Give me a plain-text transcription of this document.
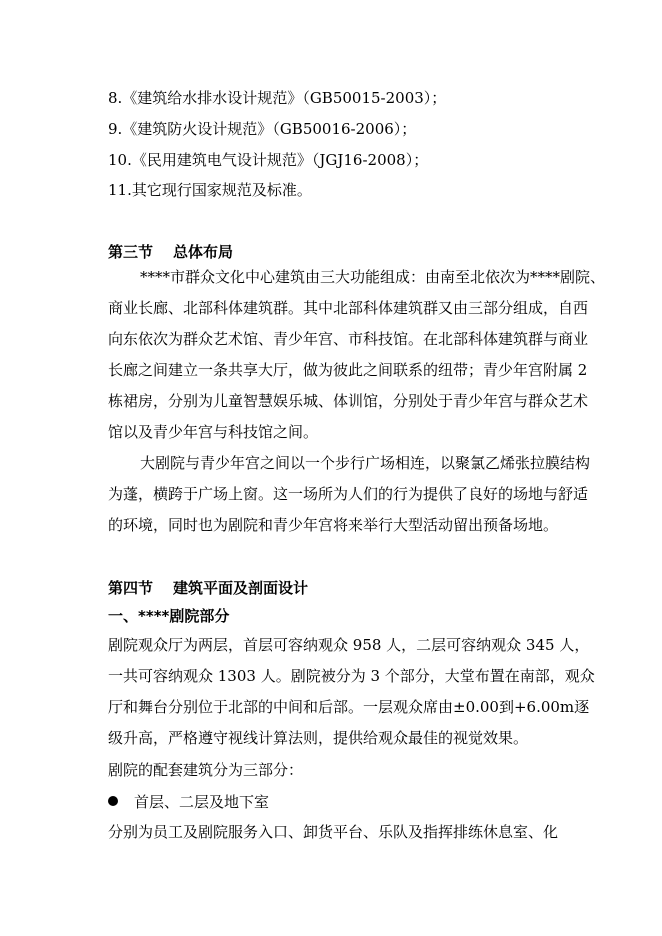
8.《建筑给水排水设计规范》（GB50015-2003）；
9.《建筑防火设计规范》（GB50016-2006）；
10.《民用建筑电气设计规范》（JGJ16-2008）；
11.其它现行国家规范及标准。
第三节 总体布局
****市群众文化中心建筑由三大功能组成：由南至北依次为****剧院、
商业长廊、北部科体建筑群。其中北部科体建筑群又由三部分组成，自西
向东依次为群众艺术馆、青少年宫、市科技馆。在北部科体建筑群与商业
长廊之间建立一条共享大厅，做为彼此之间联系的纽带；青少年宫附属 2
栋裙房，分别为儿童智慧娱乐城、体训馆，分别处于青少年宫与群众艺术
馆以及青少年宫与科技馆之间。
大剧院与青少年宫之间以一个步行广场相连，以聚氯乙烯张拉膜结构
为蓬，横跨于广场上窗。这一场所为人们的行为提供了良好的场地与舒适
的环境，同时也为剧院和青少年宫将来举行大型活动留出预备场地。
第四节 建筑平面及剖面设计
一、****剧院部分
剧院观众厅为两层，首层可容纳观众 958 人，二层可容纳观众 345 人，
一共可容纳观众 1303 人。剧院被分为 3 个部分，大堂布置在南部，观众
厅和舞台分别位于北部的中间和后部。一层观众席由±0.00到+6.00m逐
级升高，严格遵守视线计算法则，提供给观众最佳的视觉效果。
剧院的配套建筑分为三部分：
首层、二层及地下室
分别为员工及剧院服务入口、卸货平台、乐队及指挥排练休息室、化
